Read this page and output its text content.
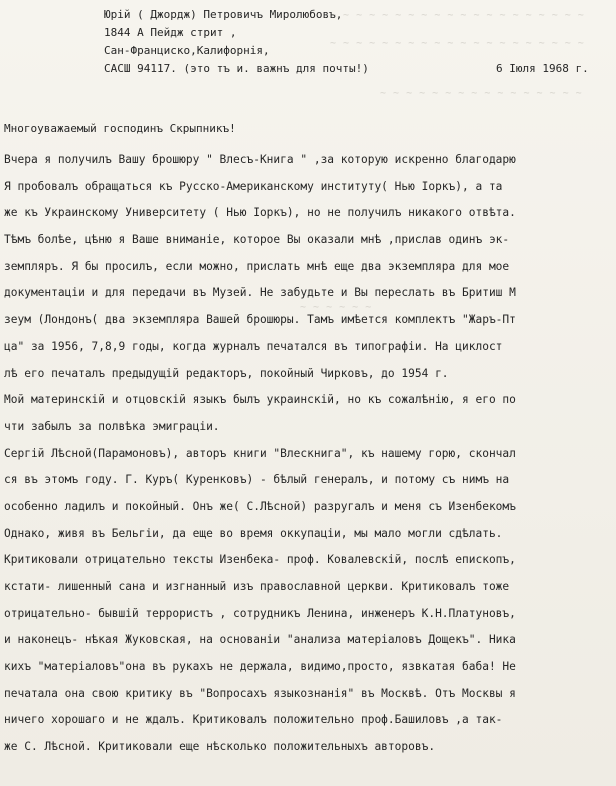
~ ~ ~ ~ ~ ~ ~ ~ ~ ~ ~ ~ ~ ~ ~ ~ ~ ~ ~ ~
~ ~ ~ ~ ~ ~ ~ ~ ~ ~ ~ ~ ~ ~ ~ ~ ~ ~ ~ ~
~ ~ ~ ~ ~ ~ ~ ~ ~ ~ ~ ~ ~ ~ ~ ~
~ ~ ~ ~ ~ ~
Юрій ( Джордж) Петровичъ Миролюбовъ,
1844 А Пейдж стрит ,
Сан-Франциско,Калифорнія,
САСШ 94117. (это тъ и. важнъ для почты!)	6 Іюля 1968 г.
Многоуважаемый господинъ Скрыпникъ!
Вчера я получилъ Вашу брошюру " Влесъ-Книга " ,за которую искренно благодарю
Я пробовалъ обращаться къ Русско-Американскому институту( Нью Іоркъ), а та
же къ Украинскому Университету ( Нью Іоркъ), но не получилъ никакого отвѣта.
Тѣмъ болѣе, цѣню я Ваше вниманіе, которое Вы оказали мнѣ ,прислав одинъ эк-
земпляръ. Я бы просилъ, если можно, прислать мнѣ еще два экземпляра для мое
документаціи и для передачи въ Музей. Не забудьте и Вы переслать въ Бритиш М
зеум (Лондонъ( два экземпляра Вашей брошюры. Тамъ имѣется комплектъ "Жаръ-Пт
ца" за 1956, 7,8,9 годы, когда журналъ печатался въ типографіи. На циклост
лѣ его печаталъ предыдущій редакторъ, покойный Чирковъ, до 1954 г.
Мой материнскій и отцовскій языкъ былъ украинскій, но къ сожалѣнію, я его по
чти забылъ за полвѣка эмиграціи.
Сергій Лѣсной(Парамоновъ), авторъ книги "Влескнига", къ нашему горю, скончал
ся въ этомъ году. Г. Куръ( Куренковъ) - бѣлый генералъ, и потому съ нимъ на
особенно ладилъ и покойный. Онъ же( С.Лѣсной) разругалъ и меня съ Изенбекомъ
Однако, живя въ Бельгіи, да еще во время оккупаціи, мы мало могли сдѣлать.
Критиковали отрицательно тексты Изенбека- проф. Ковалевскій, послѣ епископъ,
кстати- лишенный сана и изгнанный изъ православной церкви. Критиковалъ тоже
отрицательно- бывшій террористъ , сотрудникъ Ленина, инженеръ К.Н.Платуновъ,
и наконецъ- нѣкая Жуковская, на основаніи "анализа матеріаловъ Дощекъ". Ника
кихъ "матеріаловъ"она въ рукахъ не держала, видимо,просто, язвкатая баба! Не
печатала она свою критику въ "Вопросахъ языкознанія" въ Москвѣ. Отъ Москвы я
ничего хорошаго и не ждалъ. Критиковалъ положительно проф.Башиловъ ,а так-
же С. Лѣсной. Критиковали еще нѣсколько положительныхъ авторовъ.
